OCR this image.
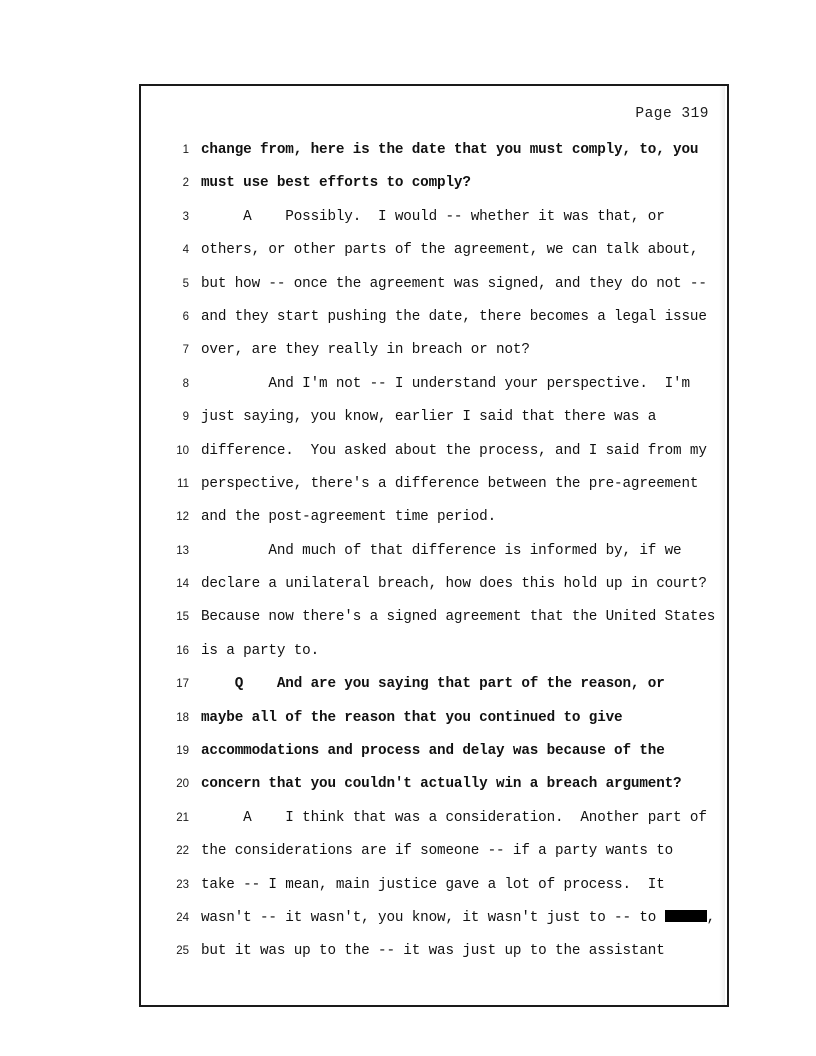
Page 319
1 change from, here is the date that you must comply, to, you
2 must use best efforts to comply?
3 A    Possibly.  I would -- whether it was that, or
4 others, or other parts of the agreement, we can talk about,
5 but how -- once the agreement was signed, and they do not --
6 and they start pushing the date, there becomes a legal issue
7 over, are they really in breach or not?
8 And I'm not -- I understand your perspective.  I'm
9 just saying, you know, earlier I said that there was a
10 difference.  You asked about the process, and I said from my
11 perspective, there's a difference between the pre-agreement
12 and the post-agreement time period.
13 And much of that difference is informed by, if we
14 declare a unilateral breach, how does this hold up in court?
15 Because now there's a signed agreement that the United States
16 is a party to.
17 Q    And are you saying that part of the reason, or
18 maybe all of the reason that you continued to give
19 accommodations and process and delay was because of the
20 concern that you couldn't actually win a breach argument?
21 A    I think that was a consideration.  Another part of
22 the considerations are if someone -- if a party wants to
23 take -- I mean, main justice gave a lot of process.  It
24 wasn't -- it wasn't, you know, it wasn't just to -- to	,
25 but it was up to the -- it was just up to the assistant
